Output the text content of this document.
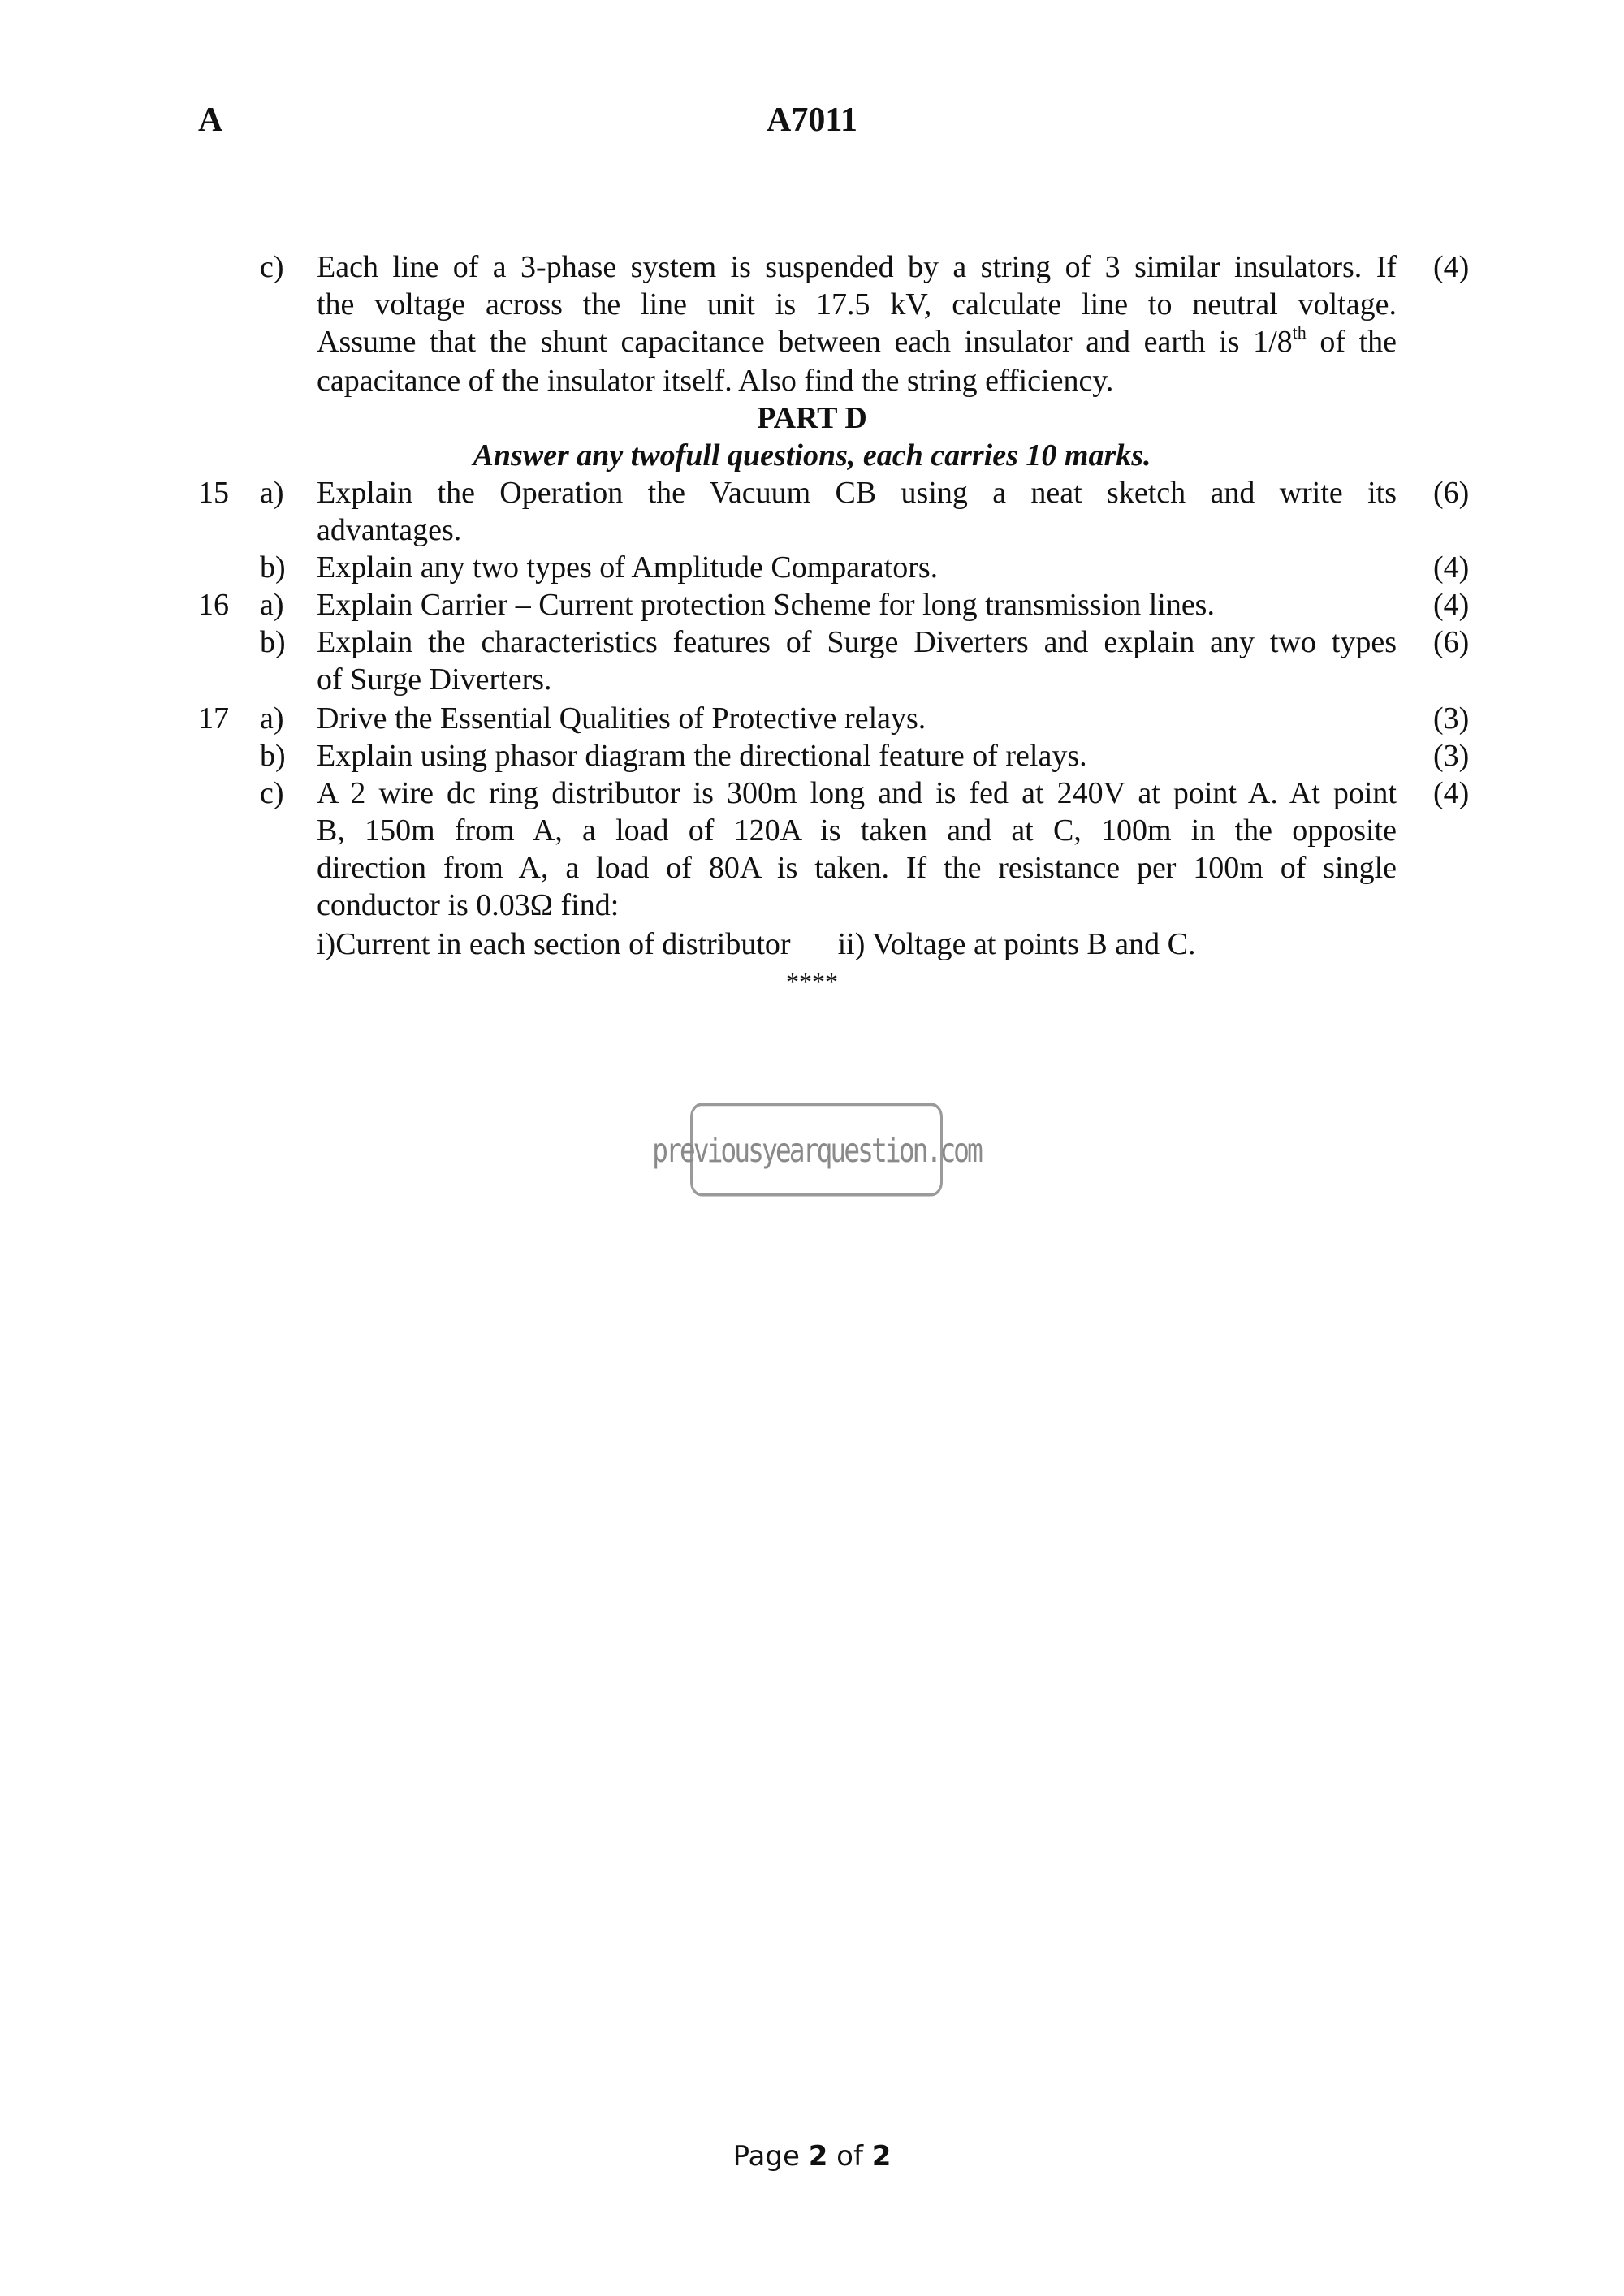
A	A7011
c) Each line of a 3-phase system is suspended by a string of 3 similar insulators. If (4)
the voltage across the line unit is 17.5 kV, calculate line to neutral voltage.
Assume that the shunt capacitance between each insulator and earth is 1/8th of the
capacitance of the insulator itself. Also find the string efficiency.
PART D
Answer any twofull questions, each carries 10 marks.
15 a) Explain the Operation the Vacuum CB using a neat sketch and write its (6)
advantages.
b) Explain any two types of Amplitude Comparators.	(4)
16 a) Explain Carrier – Current protection Scheme for long transmission lines.	(4)
b) Explain the characteristics features of Surge Diverters and explain any two types (6)
of Surge Diverters.
17 a) Drive the Essential Qualities of Protective relays.	(3)
b) Explain using phasor diagram the directional feature of relays.	(3)
c) A 2 wire dc ring distributor is 300m long and is fed at 240V at point A. At point (4)
B, 150m from A, a load of 120A is taken and at C, 100m in the opposite
direction from A, a load of 80A is taken. If the resistance per 100m of single
conductor is 0.03Ω find:
i)Current in each section of distributor ii) Voltage at points B and C.
****
previousyearquestion.com
Page 2 of 2
